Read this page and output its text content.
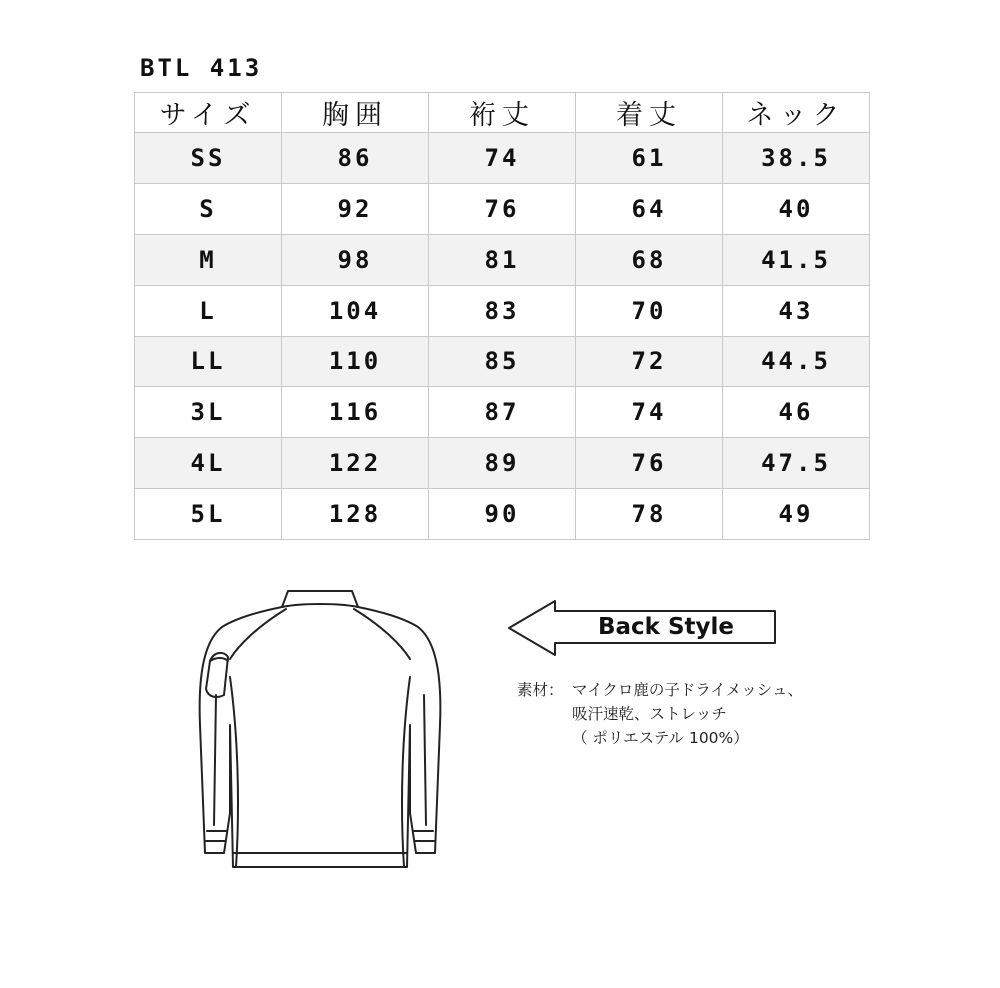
BTL 413
サイズ	胸囲	裄丈	着丈	ネック
SS	86	74	61	38.5
S	92	76	64	40
M	98	81	68	41.5
L	104	83	70	43
LL	110	85	72	44.5
3L	116	87	74	46
4L	122	89	76	47.5
5L	128	90	78	49
Back Style
素材： マイクロ鹿の子ドライメッシュ、
吸汗速乾、ストレッチ
（ ポリエステル 100%）
